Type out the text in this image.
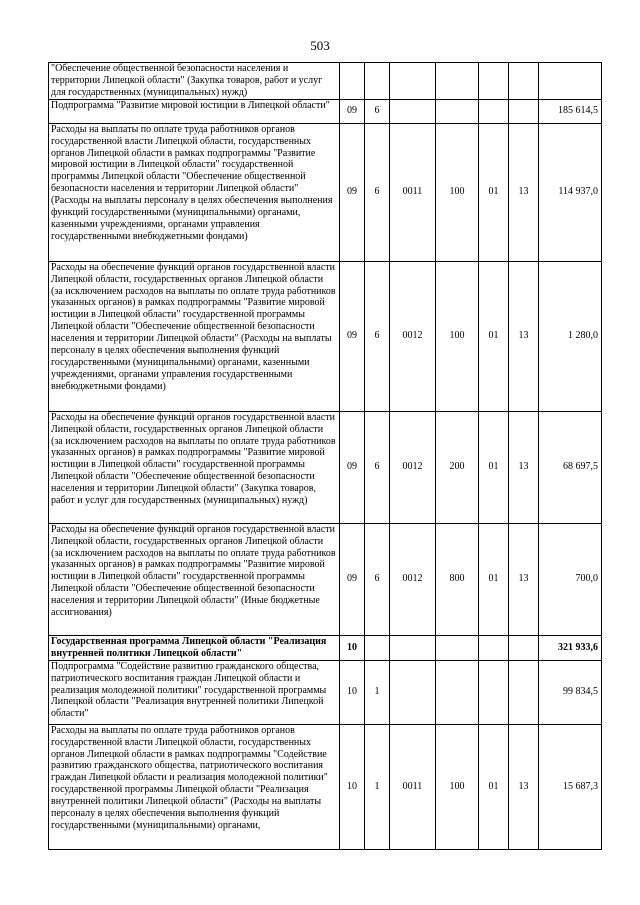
503
"Обеспечение общественной безопасности населения и территории Липецкой области" (Закупка товаров, работ и услуг для государственных (муниципальных) нужд)							
Подпрограмма "Развитие мировой юстиции в Липецкой области"	09	6					185 614,5
Расходы на выплаты по оплате труда работников органов государственной власти Липецкой области, государственных органов Липецкой области в рамках подпрограммы "Развитие мировой юстиции в Липецкой области" государственной программы Липецкой области "Обеспечение общественной безопасности населения и территории Липецкой области" (Расходы на выплаты персоналу в целях обеспечения выполнения функций государственными (муниципальными) органами, казенными учреждениями, органами управления государственными внебюджетными фондами)	09	6	0011	100	01	13	114 937,0
Расходы на обеспечение функций органов государственной власти Липецкой области, государственных органов Липецкой области (за исключением расходов на выплаты по оплате труда работников указанных органов) в рамках подпрограммы "Развитие мировой юстиции в Липецкой области" государственной программы Липецкой области "Обеспечение общественной безопасности населения и территории Липецкой области" (Расходы на выплаты персоналу в целях обеспечения выполнения функций государственными (муниципальными) органами, казенными учреждениями, органами управления государственными внебюджетными фондами)	09	6	0012	100	01	13	1 280,0
Расходы на обеспечение функций органов государственной власти Липецкой области, государственных органов Липецкой области (за исключением расходов на выплаты по оплате труда работников указанных органов) в рамках подпрограммы "Развитие мировой юстиции в Липецкой области" государственной программы Липецкой области "Обеспечение общественной безопасности населения и территории Липецкой области" (Закупка товаров, работ и услуг для государственных (муниципальных) нужд)	09	6	0012	200	01	13	68 697,5
Расходы на обеспечение функций органов государственной власти Липецкой области, государственных органов Липецкой области (за исключением расходов на выплаты по оплате труда работников указанных органов) в рамках подпрограммы "Развитие мировой юстиции в Липецкой области" государственной программы Липецкой области "Обеспечение общественной безопасности населения и территории Липецкой области" (Иные бюджетные ассигнования)	09	6	0012	800	01	13	700,0
Государственная программа Липецкой области "Реализация внутренней политики Липецкой области"	10						321 933,6
Подпрограмма "Содействие развитию гражданского общества, патриотического воспитания граждан Липецкой области и реализация молодежной политики" государственной программы Липецкой области "Реализация внутренней политики Липецкой области"	10	1					99 834,5
Расходы на выплаты по оплате труда работников органов государственной власти Липецкой области, государственных органов Липецкой области в рамках подпрограммы "Содействие развитию гражданского общества, патриотического воспитания граждан Липецкой области и реализация молодежной политики" государственной программы Липецкой области "Реализация внутренней политики Липецкой области" (Расходы на выплаты персоналу в целях обеспечения выполнения функций государственными (муниципальными) органами,	10	1	0011	100	01	13	15 687,3
